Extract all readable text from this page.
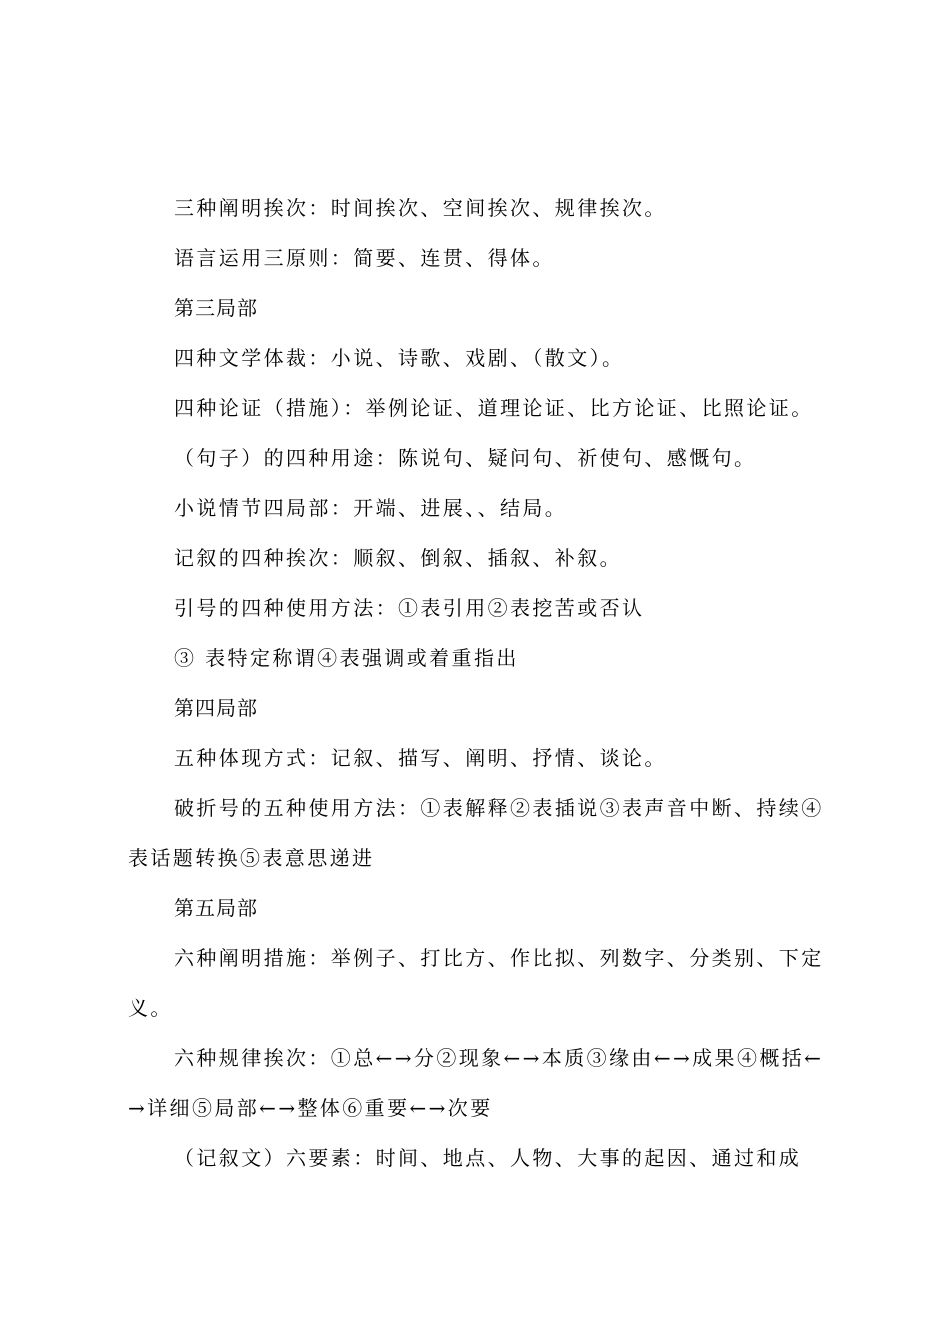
三种阐明挨次：时间挨次、空间挨次、规律挨次。

语言运用三原则：简要、连贯、得体。

第三局部

四种文学体裁：小说、诗歌、戏剧、（散文）。

四种论证（措施）：举例论证、道理论证、比方论证、比照论证。

（句子）的四种用途：陈说句、疑问句、祈使句、感慨句。

小说情节四局部：开端、进展、、结局。

记叙的四种挨次：顺叙、倒叙、插叙、补叙。

引号的四种使用方法：①表引用②表挖苦或否认

③ 表特定称谓④表强调或着重指出

第四局部

五种体现方式：记叙、描写、阐明、抒情、谈论。

破折号的五种使用方法：①表解释②表插说③表声音中断、持续④表话题转换⑤表意思递进

第五局部

六种阐明措施：举例子、打比方、作比拟、列数字、分类别、下定义。

六种规律挨次：①总←→分②现象←→本质③缘由←→成果④概括←→详细⑤局部←→整体⑥重要←→次要

（记叙文）六要素：时间、地点、人物、大事的起因、通过和成
